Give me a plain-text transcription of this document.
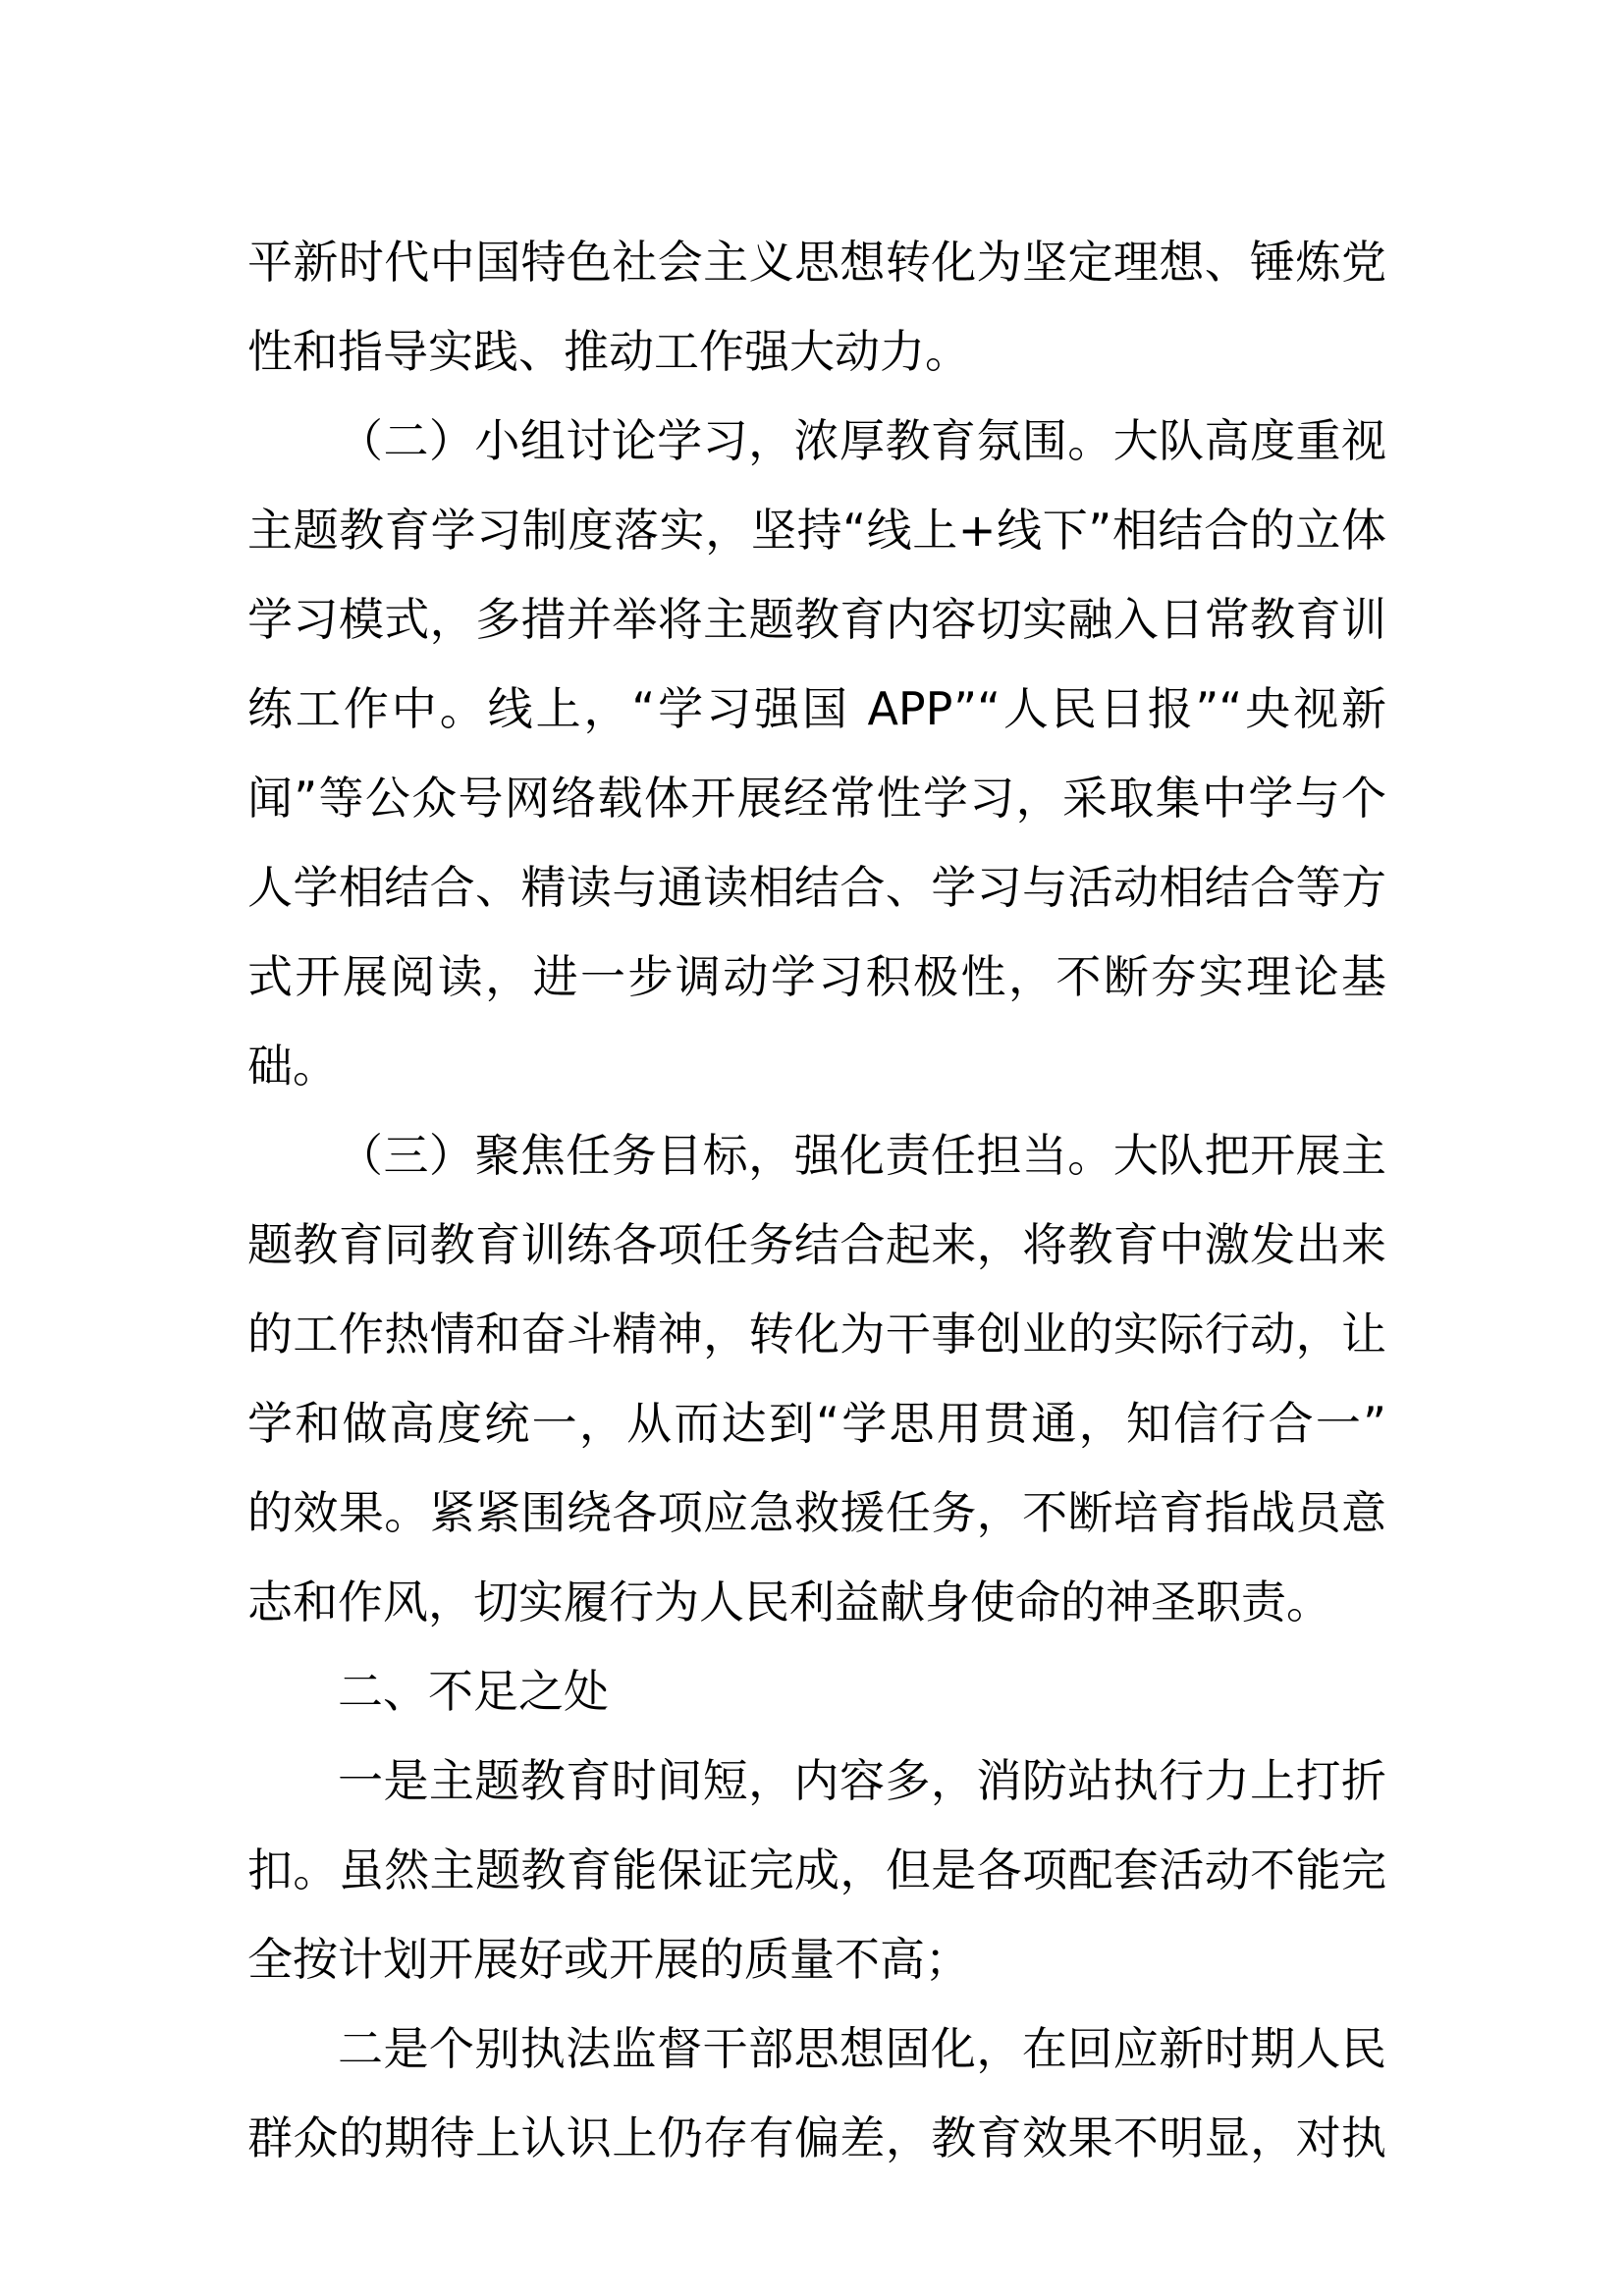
平新时代中国特色社会主义思想转化为坚定理想、锤炼党
性和指导实践、推动工作强大动力。
（二）小组讨论学习，浓厚教育氛围。大队高度重视
主题教育学习制度落实，坚持“线上+线下”相结合的立体
学习模式，多措并举将主题教育内容切实融入日常教育训
练工作中。线上，“学习强国 APP”“人民日报”“央视新
闻”等公众号网络载体开展经常性学习，采取集中学与个
人学相结合、精读与通读相结合、学习与活动相结合等方
式开展阅读，进一步调动学习积极性，不断夯实理论基
础。
（三）聚焦任务目标，强化责任担当。大队把开展主
题教育同教育训练各项任务结合起来，将教育中激发出来
的工作热情和奋斗精神，转化为干事创业的实际行动，让
学和做高度统一，从而达到“学思用贯通，知信行合一”
的效果。紧紧围绕各项应急救援任务，不断培育指战员意
志和作风，切实履行为人民利益献身使命的神圣职责。
二、不足之处
一是主题教育时间短，内容多，消防站执行力上打折
扣。虽然主题教育能保证完成，但是各项配套活动不能完
全按计划开展好或开展的质量不高；
二是个别执法监督干部思想固化，在回应新时期人民
群众的期待上认识上仍存有偏差，教育效果不明显，对执
